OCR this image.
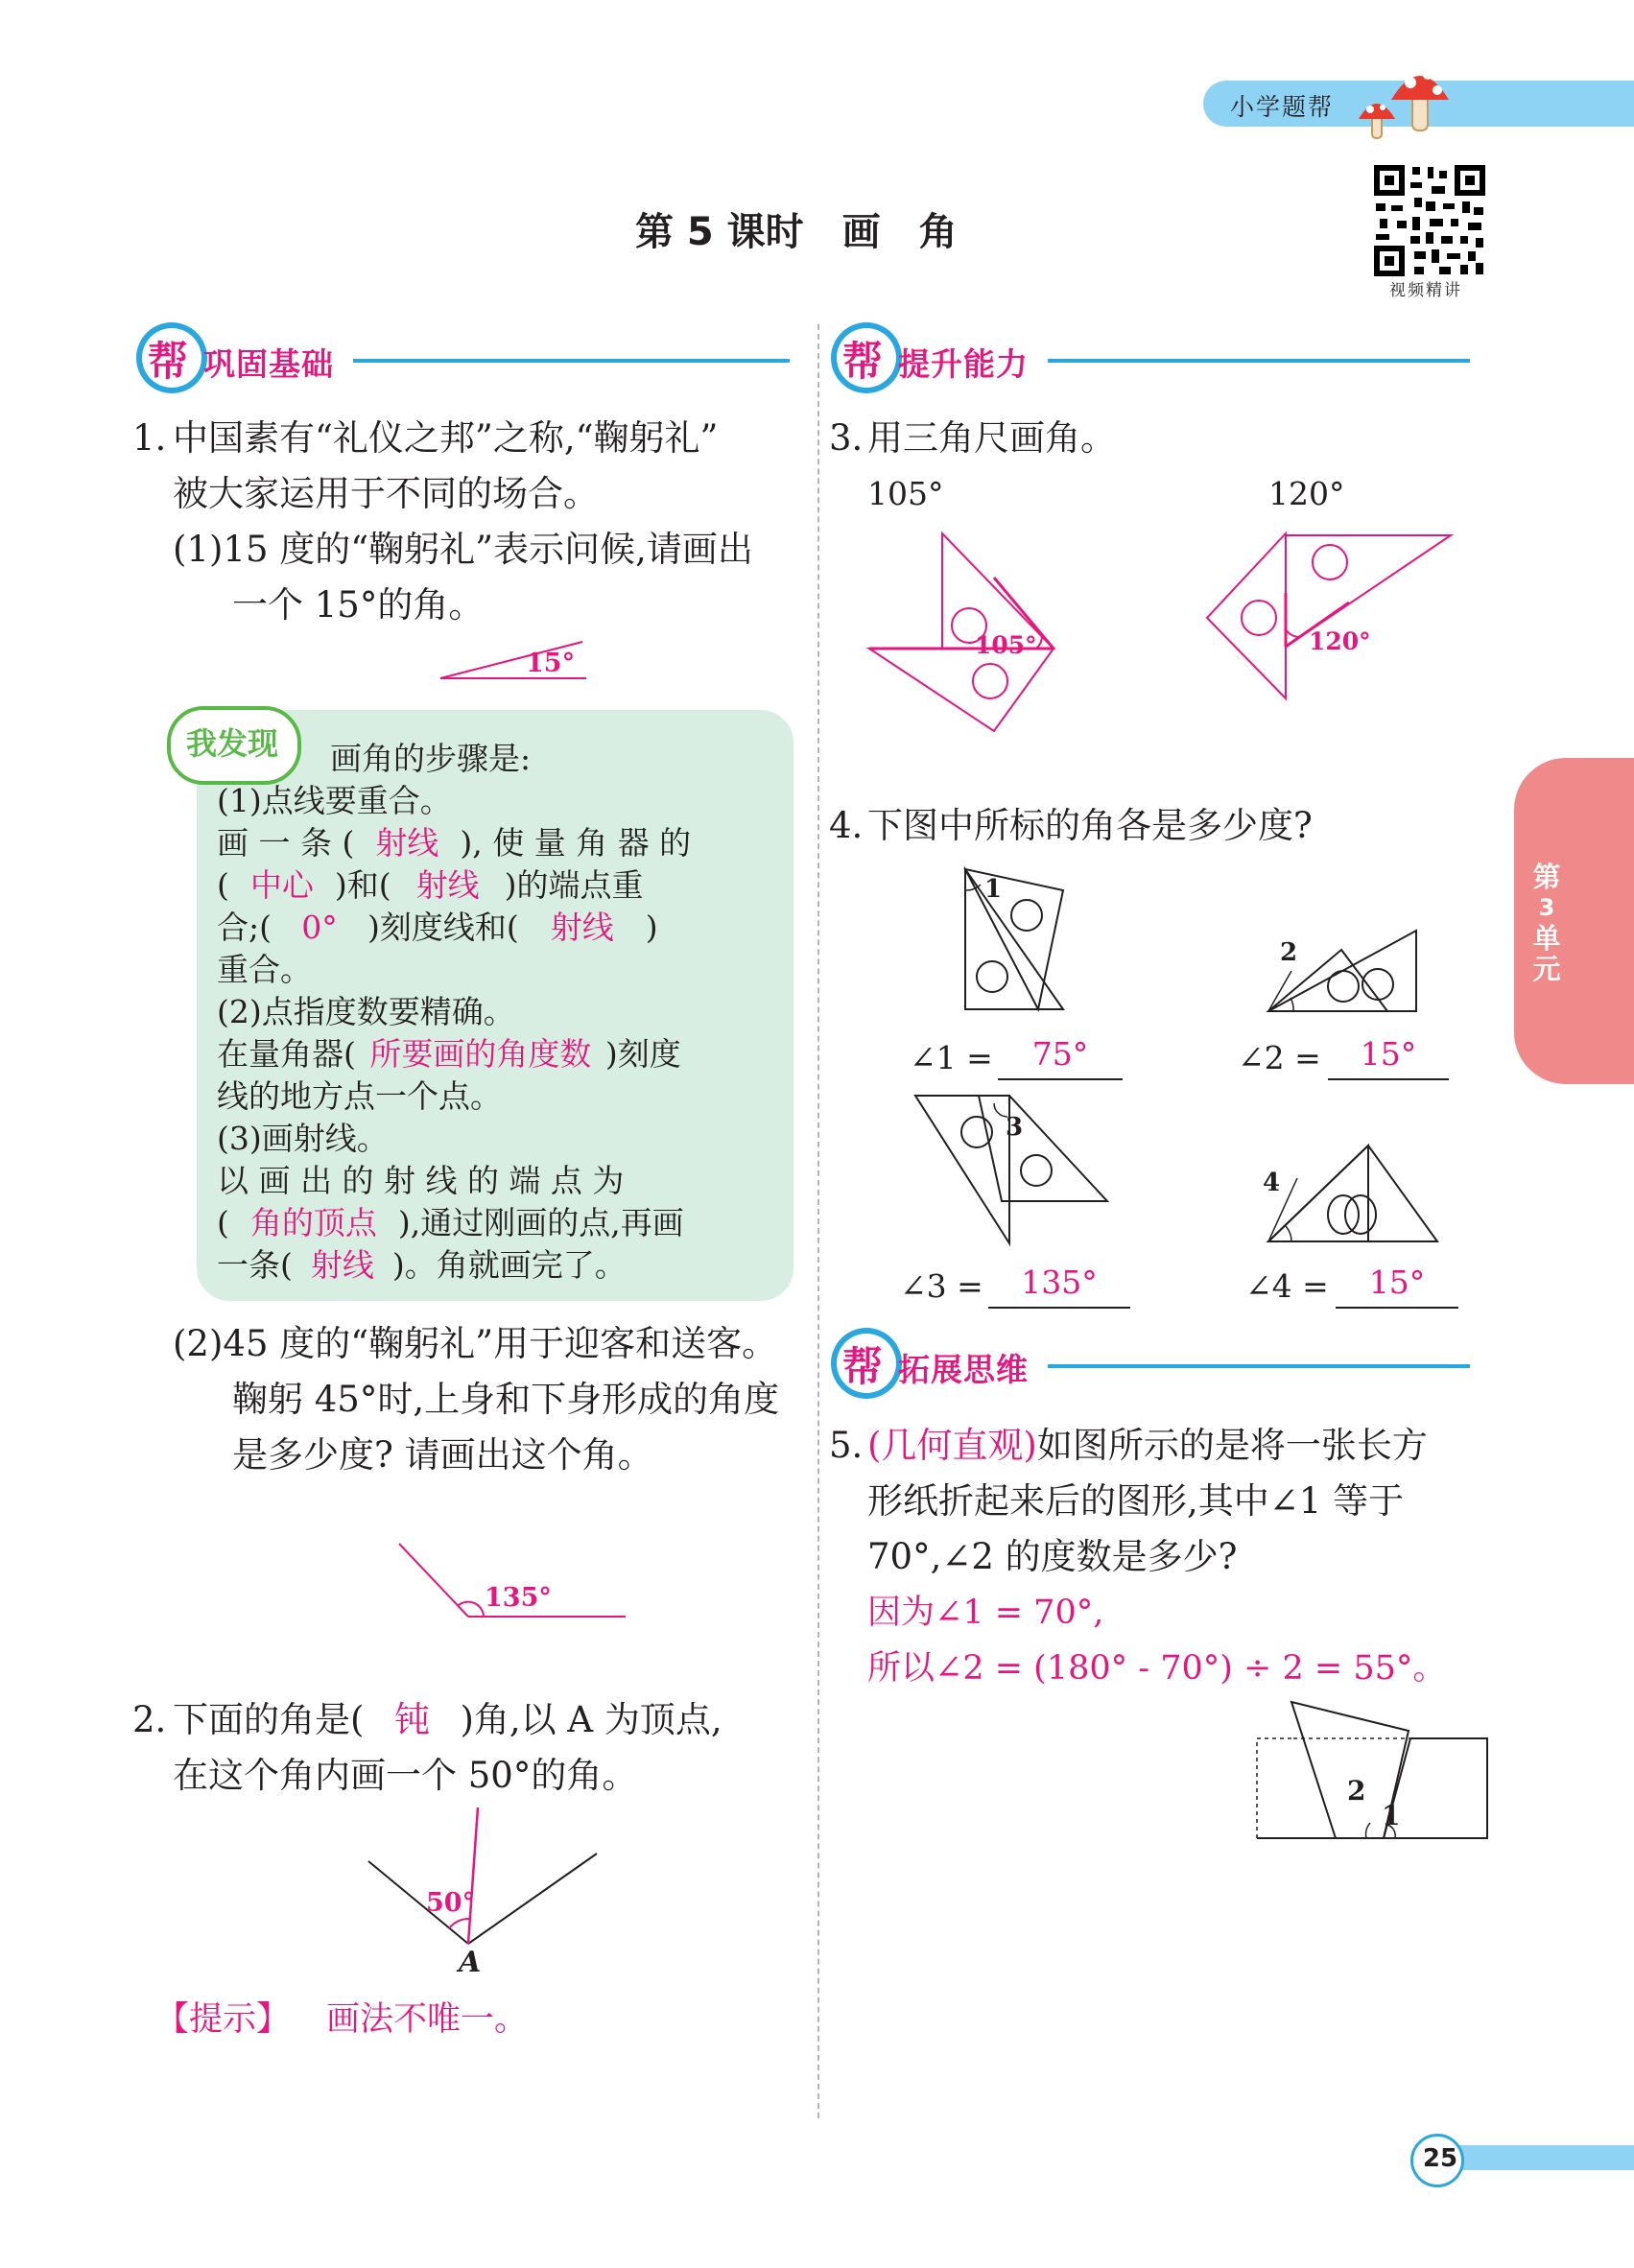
小学题帮
视频精讲
第 5 课时　画　角
帮 巩固基础
1. 中国素有“礼仪之邦”之称,“鞠躬礼”
被大家运用于不同的场合。
(1)15 度的“鞠躬礼”表示问候,请画出
一个 15°的角。
15°
我发现 画角的步骤是:
(1)点线要重合。
画 一 条 ( 射线 ), 使 量 角 器 的
( 中心 )和( 射线 )的端点重
合;( 0° )刻度线和( 射线 )
重合。
(2)点指度数要精确。
在量角器( 所要画的角度数 )刻度
线的地方点一个点。
(3)画射线。
以 画 出 的 射 线 的 端 点 为
( 角的顶点 ),通过刚画的点,再画
一条( 射线 )。角就画完了。
(2)45 度的“鞠躬礼”用于迎客和送客。
鞠躬 45°时,上身和下身形成的角度
是多少度? 请画出这个角。
135°
2. 下面的角是( 钝 )角,以 A 为顶点,
在这个角内画一个 50°的角。
50°
A
【提示】 画法不唯一。
帮 提升能力
3. 用三角尺画角。
105°	120°
105°	120°
4. 下图中所标的角各是多少度?
1
2
∠1 =	75°	∠2 =	15°
3
4
∠3 =	135°	∠4 =	15°
帮 拓展思维
5. (几何直观)如图所示的是将一张长方
形纸折起来后的图形,其中∠1 等于
70°,∠2 的度数是多少?
因为∠1 = 70°,
所以∠2 = (180° - 70°) ÷ 2 = 55°。
2
1
第
3
单
元
25
